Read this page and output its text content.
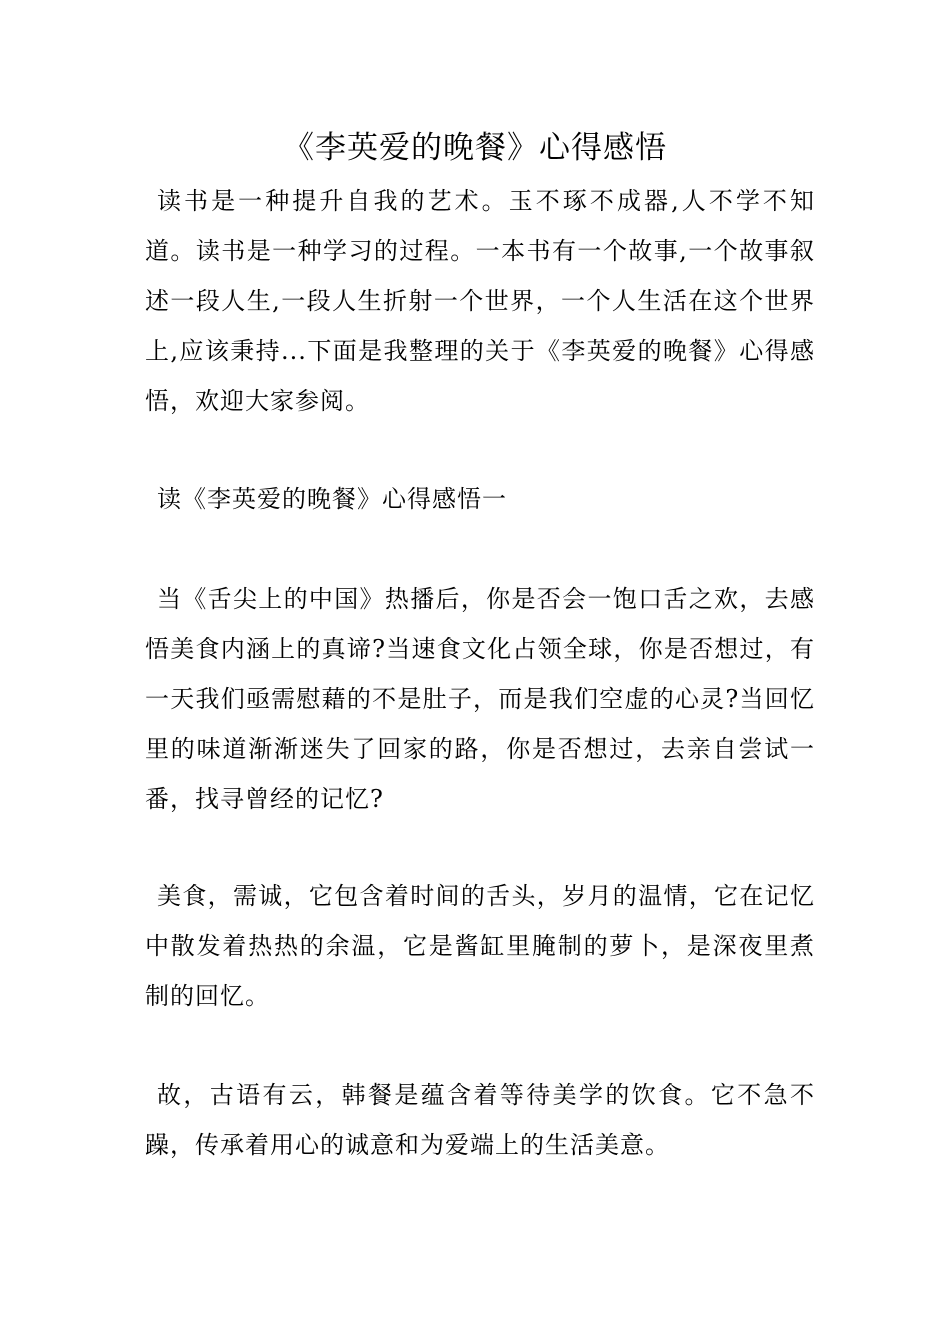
《李英爱的晚餐》心得感悟

读书是一种提升自我的艺术。玉不琢不成器,人不学不知道。读书是一种学习的过程。一本书有一个故事,一个故事叙述一段人生,一段人生折射一个世界，一个人生活在这个世界上,应该秉持...下面是我整理的关于《李英爱的晚餐》心得感悟，欢迎大家参阅。

读《李英爱的晚餐》心得感悟一

当《舌尖上的中国》热播后，你是否会一饱口舌之欢，去感悟美食内涵上的真谛?当速食文化占领全球，你是否想过，有一天我们亟需慰藉的不是肚子，而是我们空虚的心灵?当回忆里的味道渐渐迷失了回家的路，你是否想过，去亲自尝试一番，找寻曾经的记忆?

美食，需诚，它包含着时间的舌头，岁月的温情，它在记忆中散发着热热的余温，它是酱缸里腌制的萝卜，是深夜里煮制的回忆。

故，古语有云，韩餐是蕴含着等待美学的饮食。它不急不躁，传承着用心的诚意和为爱端上的生活美意。
